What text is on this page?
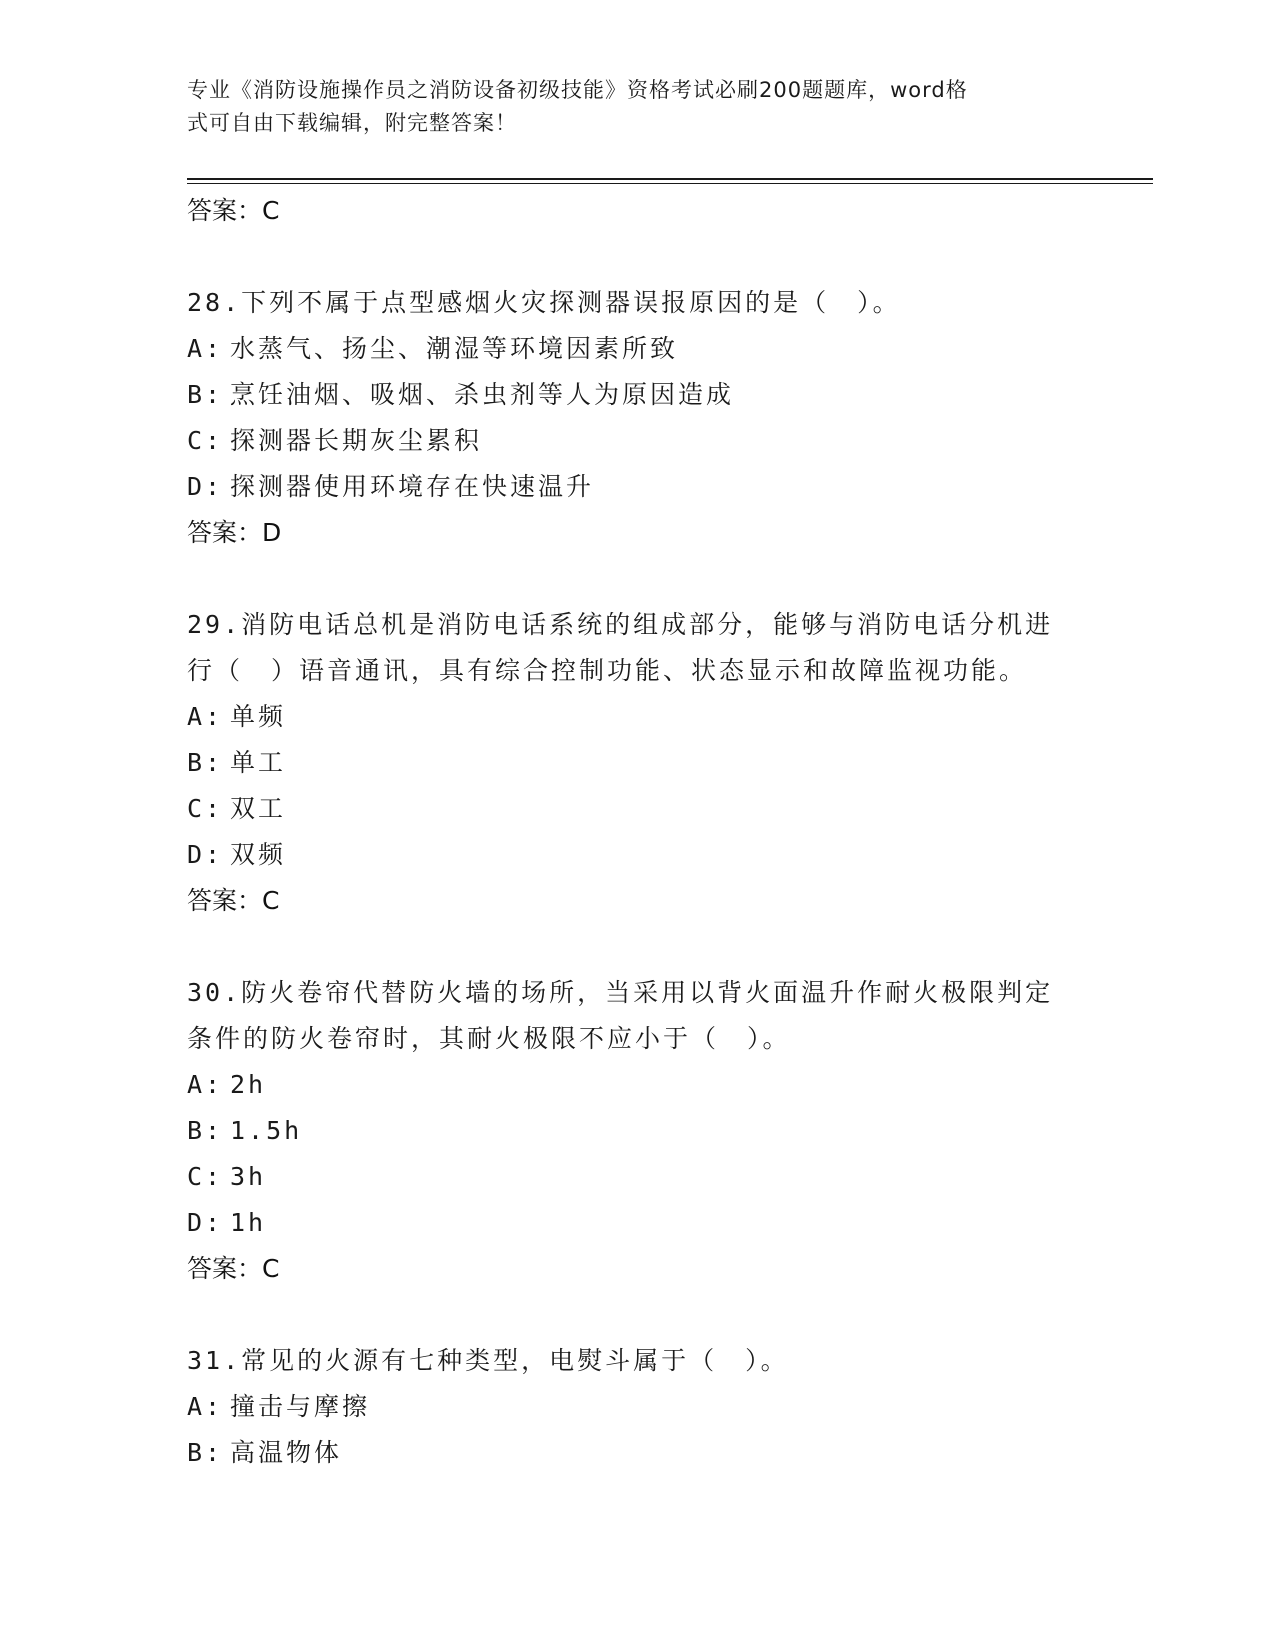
专业《消防设施操作员之消防设备初级技能》资格考试必刷200题题库，word格
式可自由下载编辑，附完整答案！
答案：C
28.下列不属于点型感烟火灾探测器误报原因的是（　）。
A: 水蒸气、扬尘、潮湿等环境因素所致
B: 烹饪油烟、吸烟、杀虫剂等人为原因造成
C: 探测器长期灰尘累积
D: 探测器使用环境存在快速温升
答案：D
29.消防电话总机是消防电话系统的组成部分，能够与消防电话分机进
行（　）语音通讯，具有综合控制功能、状态显示和故障监视功能。
A: 单频
B: 单工
C: 双工
D: 双频
答案：C
30.防火卷帘代替防火墙的场所，当采用以背火面温升作耐火极限判定
条件的防火卷帘时，其耐火极限不应小于（　）。
A: 2h
B: 1.5h
C: 3h
D: 1h
答案：C
31.常见的火源有七种类型，电熨斗属于（　）。
A: 撞击与摩擦
B: 高温物体
